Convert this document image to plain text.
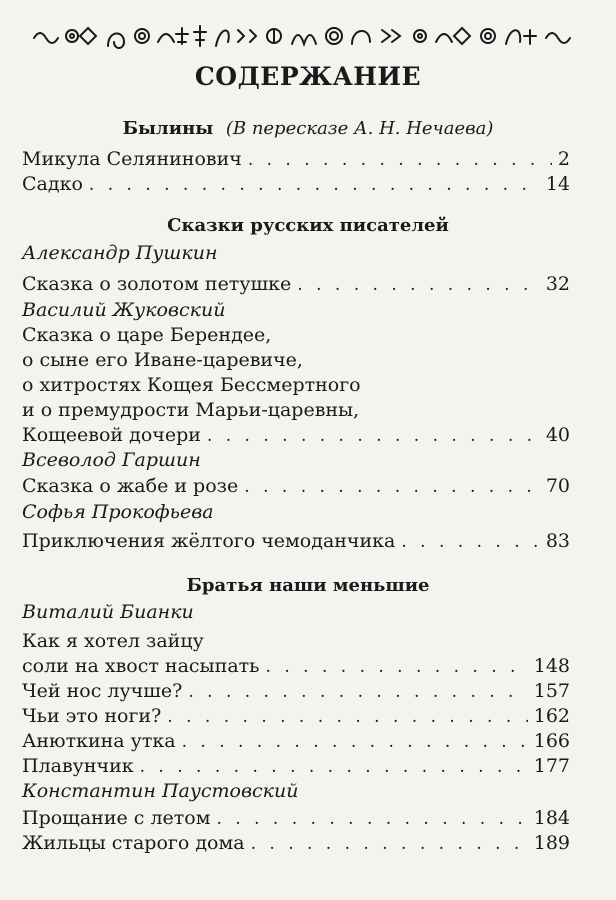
СОДЕРЖАНИЕ
Былины (В пересказе А. Н. Нечаева)
Микула Селянинович . . .	2
Садко . . .	14
Сказки русских писателей
Александр Пушкин
Сказка о золотом петушке . . .	32
Василий Жуковский
Сказка о царе Берендее,
о сыне его Иване-царевиче,
о хитростях Кощея Бессмертного
и о премудрости Марьи-царевны,
Кощеевой дочери . . .	40
Всеволод Гаршин
Сказка о жабе и розе . . .	70
Софья Прокофьева
Приключения жёлтого чемоданчика . . .	83
Братья наши меньшие
Виталий Бианки
Как я хотел зайцу
соли на хвост насыпать . . .	148
Чей нос лучше? . . .	157
Чьи это ноги? . . .	162
Анюткина утка . . .	166
Плавунчик . . .	177
Константин Паустовский
Прощание с летом . . .	184
Жильцы старого дома . . .	189
